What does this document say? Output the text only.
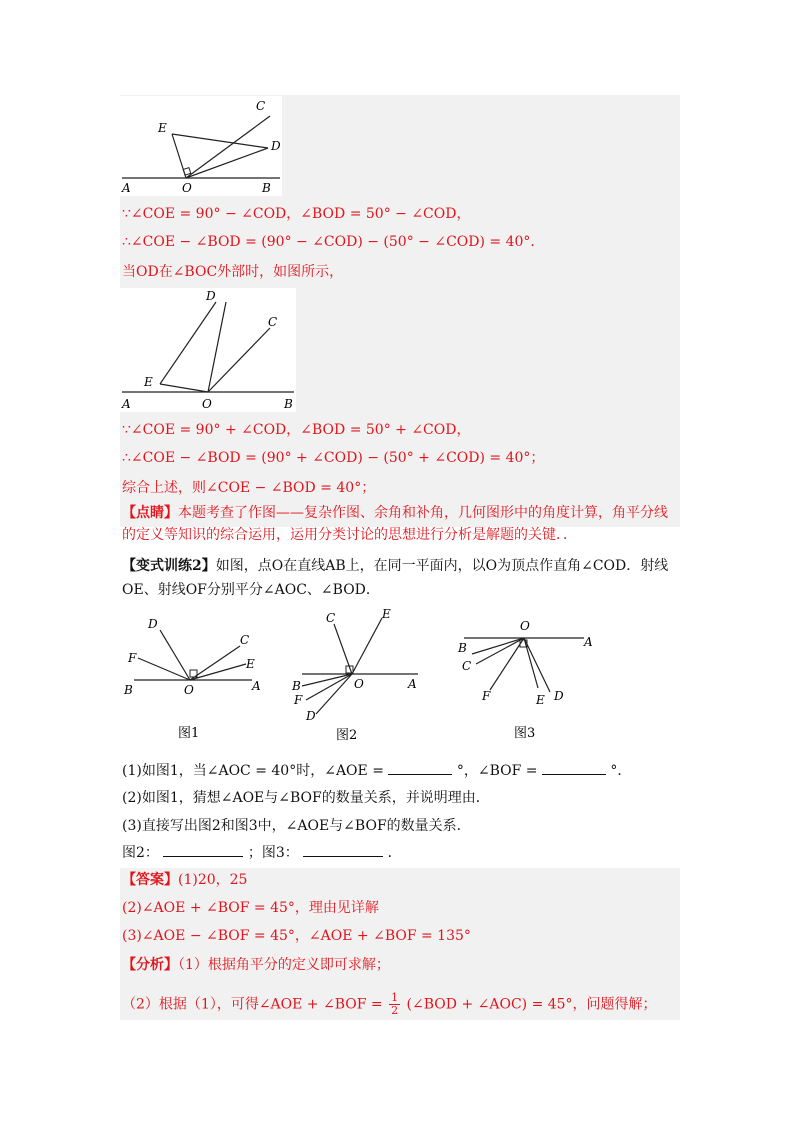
A	O	B
C
E
D
∵∠COE = 90° − ∠COD，∠BOD = 50° − ∠COD，
∴∠COE − ∠BOD = (90° − ∠COD) − (50° − ∠COD) = 40°．
当OD在∠BOC外部时，如图所示，
A	O	B
D
C
E
∵∠COE = 90° + ∠COD，∠BOD = 50° + ∠COD，
∴∠COE − ∠BOD = (90° + ∠COD) − (50° + ∠COD) = 40°；
综合上述，则∠COE − ∠BOD = 40°；
【点睛】本题考查了作图——复杂作图、余角和补角，几何图形中的角度计算，角平分线
的定义等知识的综合运用，运用分类讨论的思想进行分析是解题的关键．．
【变式训练2】如图，点O在直线AB上，在同一平面内，以O为顶点作直角∠COD．射线
OE、射线OF分别平分∠AOC、∠BOD．
B	O	A
D
F
C
E
图1
C	E
B
F
D
O	A
图2
O
A
B
C
F	E D
图3
(1)如图1，当∠AOC = 40°时，∠AOE =	°，∠BOF =	°．
(2)如图1，猜想∠AOE与∠BOF的数量关系，并说明理由．
(3)直接写出图2和图3中，∠AOE与∠BOF的数量关系．
图2：	；图3：	．
【答案】(1)20，25
(2)∠AOE + ∠BOF = 45°，理由见详解
(3)∠AOE − ∠BOF = 45°，∠AOE + ∠BOF = 135°
【分析】（1）根据角平分的定义即可求解；
（2）根据（1），可得∠AOE + ∠BOF = $\frac{1}{2}$ (∠BOD + ∠AOC) = 45°，问题得解；
